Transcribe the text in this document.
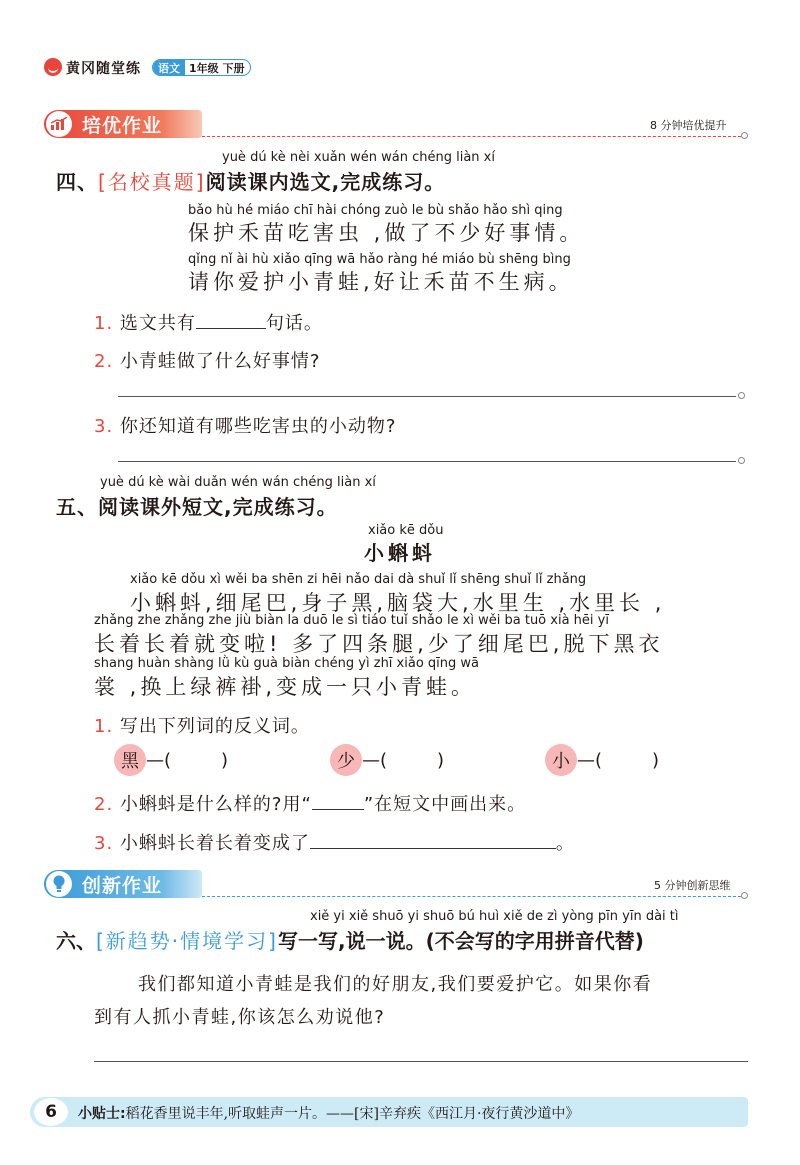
黄冈随堂练	语文 1年级 下册
培优作业	8 分钟培优提升
yuè dú kè nèi xuǎn wén wán chéng liàn xí
四、[名校真题]阅读课内选文,完成练习。
bǎo hù hé miáo chī hài chóng zuò le bù shǎo hǎo shì qing
保护禾苗吃害虫 ,做了不少好事情。
qǐng nǐ ài hù xiǎo qīng wā hǎo ràng hé miáo bù shēng bìng
请你爱护小青蛙,好让禾苗不生病。
1. 选文共有	句话。
2. 小青蛙做了什么好事情?
3. 你还知道有哪些吃害虫的小动物?
yuè dú kè wài duǎn wén wán chéng liàn xí
五、阅读课外短文,完成练习。
xiǎo kē dǒu
小蝌蚪
xiǎo kē dǒu xì wěi ba shēn zi hēi nǎo dai dà shuǐ lǐ shēng shuǐ lǐ zhǎng
小蝌蚪,细尾巴,身子黑,脑袋大,水里生 ,水里长 ,
zhǎng zhe zhǎng zhe jiù biàn la duō le sì tiáo tuǐ shǎo le xì wěi ba tuō xià hēi yī
长着长着就变啦! 多了四条腿,少了细尾巴,脱下黑衣
shang huàn shàng lǜ kù guà biàn chéng yì zhī xiǎo qīng wā
裳 ,换上绿裤褂,变成一只小青蛙。
1. 写出下列词的反义词。
黑 —(	)	少 —(	)	小 —(	)
2. 小蝌蚪是什么样的?用“	”在短文中画出来。
3. 小蝌蚪长着长着变成了	。
创新作业	5 分钟创新思维
xiě yi xiě shuō yi shuō bú huì xiě de zì yòng pīn yīn dài tì
六、[新趋势·情境学习]写一写,说一说。(不会写的字用拼音代替)
我们都知道小青蛙是我们的好朋友,我们要爱护它。如果你看
到有人抓小青蛙,你该怎么劝说他?
6	小贴士:稻花香里说丰年,听取蛙声一片。——[宋]辛弃疾《西江月·夜行黄沙道中》
